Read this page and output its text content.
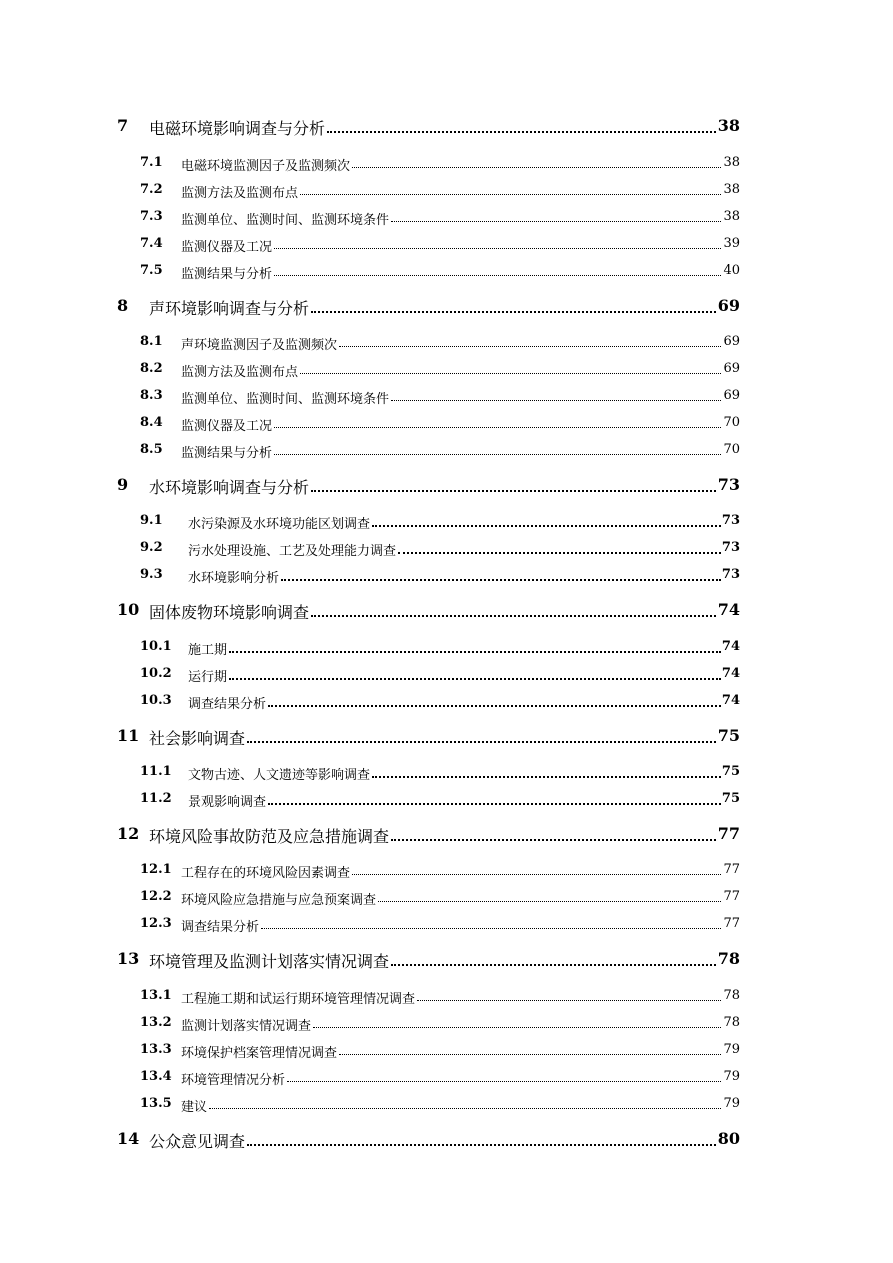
7 电磁环境影响调查与分析	38
7.1 电磁环境监测因子及监测频次	38
7.2 监测方法及监测布点	38
7.3 监测单位、监测时间、监测环境条件	38
7.4 监测仪器及工况	39
7.5 监测结果与分析	40
8 声环境影响调查与分析	69
8.1 声环境监测因子及监测频次	69
8.2 监测方法及监测布点	69
8.3 监测单位、监测时间、监测环境条件	69
8.4 监测仪器及工况	70
8.5 监测结果与分析	70
9 水环境影响调查与分析	73
9.1 水污染源及水环境功能区划调查	73
9.2 污水处理设施、工艺及处理能力调查	73
9.3 水环境影响分析	73
10 固体废物环境影响调查	74
10.1 施工期	74
10.2 运行期	74
10.3 调查结果分析	74
11 社会影响调查	75
11.1 文物古迹、人文遗迹等影响调查	75
11.2 景观影响调查	75
12 环境风险事故防范及应急措施调查	77
12.1 工程存在的环境风险因素调查	77
12.2 环境风险应急措施与应急预案调查	77
12.3 调查结果分析	77
13 环境管理及监测计划落实情况调查	78
13.1 工程施工期和试运行期环境管理情况调查	78
13.2 监测计划落实情况调查	78
13.3 环境保护档案管理情况调查	79
13.4 环境管理情况分析	79
13.5 建议	79
14 公众意见调查	80
